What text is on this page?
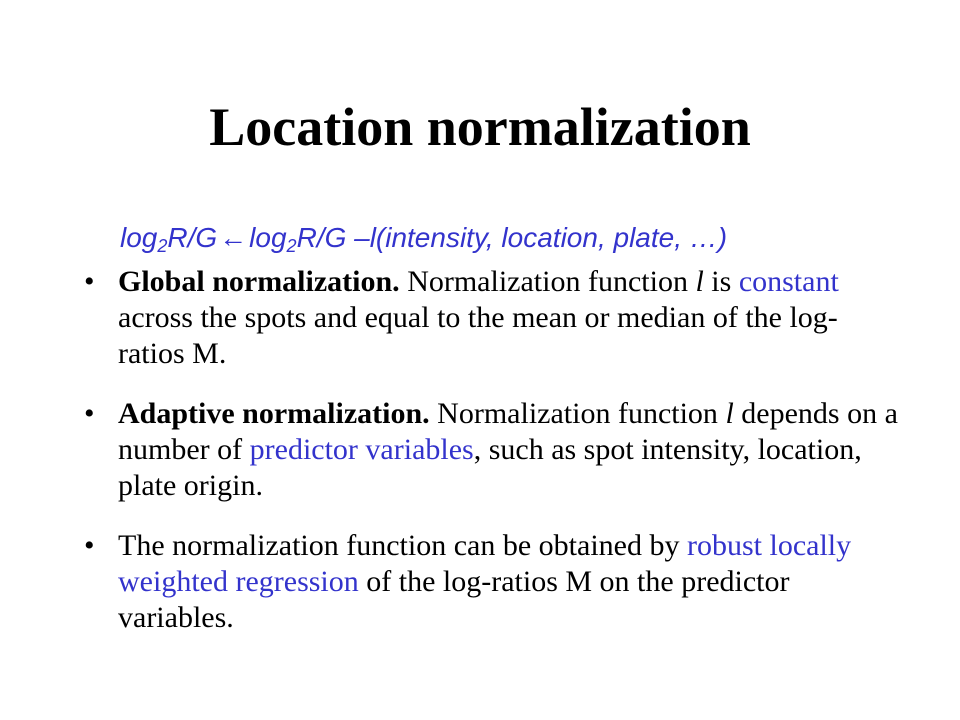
Location normalization
$\log_2R/G\leftarrow\log_2R/G$ –l(intensity, location, plate, …)
• Global normalization. Normalization function l is constant across the spots and equal to the mean or median of the log-ratios M.
• Adaptive normalization. Normalization function l depends on a number of predictor variables, such as spot intensity, location, plate origin.
• The normalization function can be obtained by robust locally weighted regression of the log-ratios M on the predictor variables.
